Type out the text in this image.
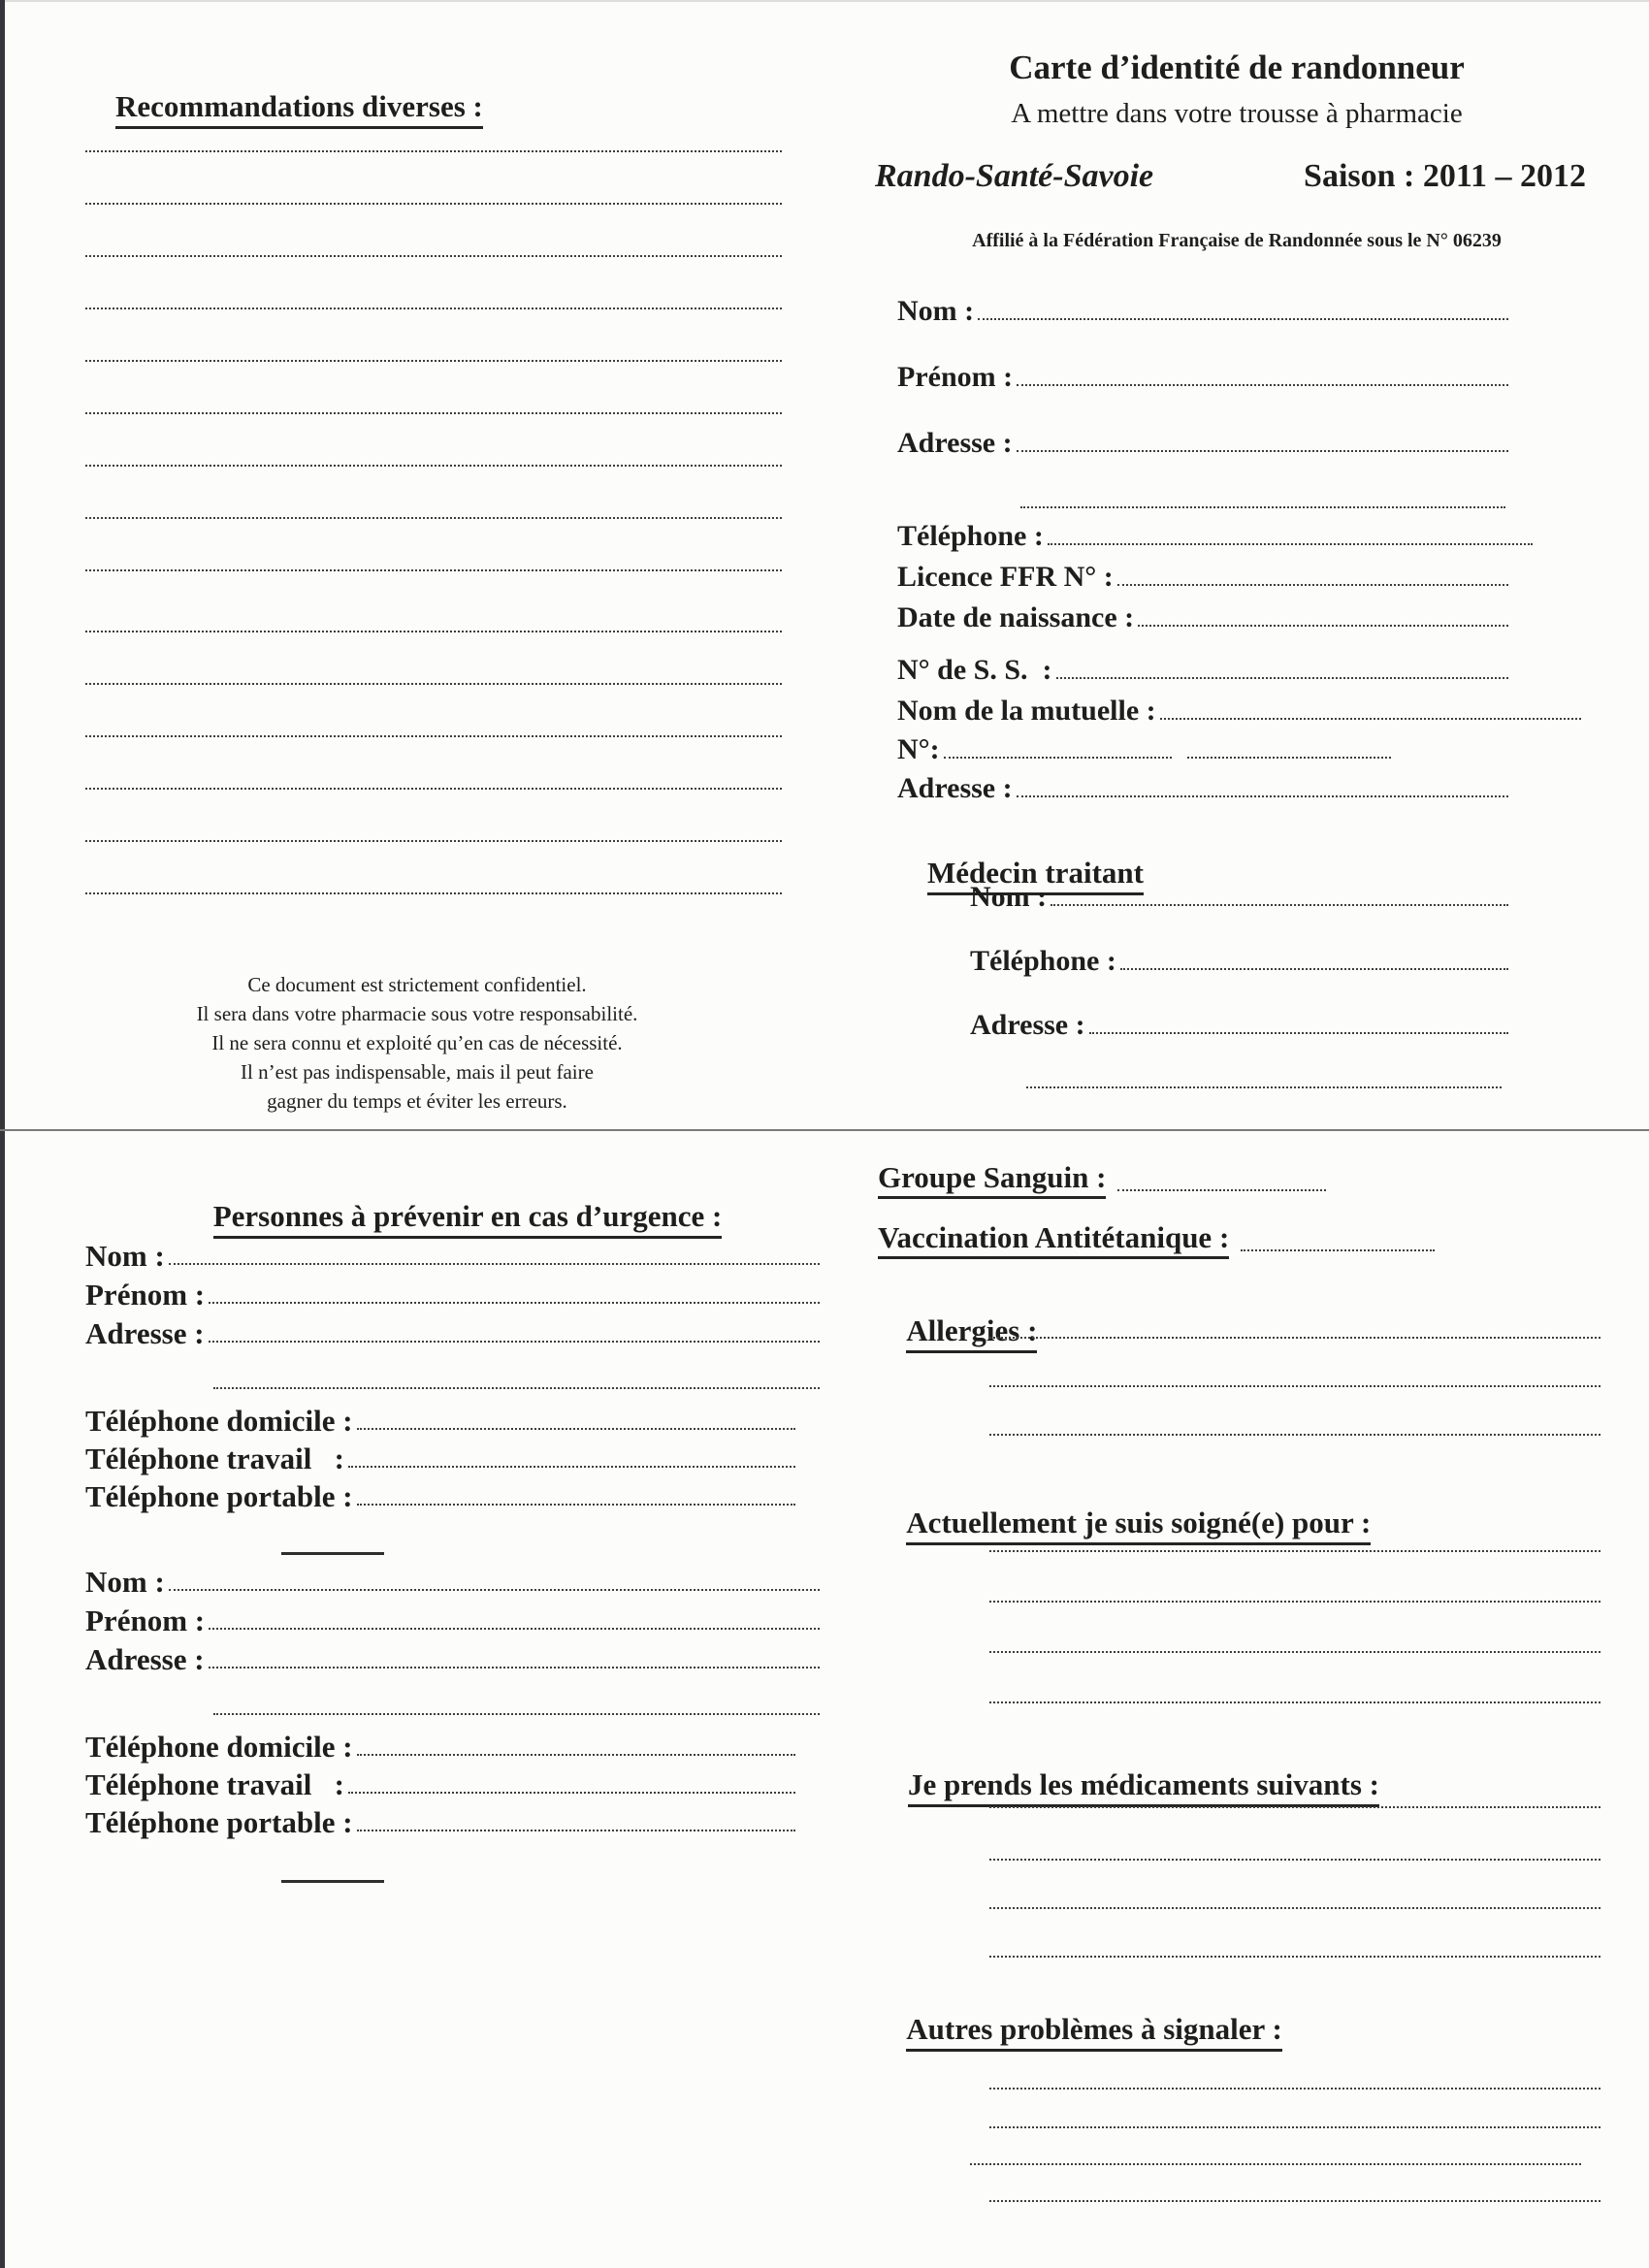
Recommandations diverses :

Ce document est strictement confidentiel.

Il sera dans votre pharmacie sous votre responsabilité.

Il ne sera connu et exploité qu’en cas de nécessité.

Il n’est pas indispensable, mais il peut faire

gagner du temps et éviter les erreurs.

Carte d’identité de randonneur
A mettre dans votre trousse à pharmacie
Rando-Santé-Savoie	Saison : 2011 – 2012
Affilié à la Fédération Française de Randonnée sous le N° 06239
Nom :
Prénom :
Adresse :
Téléphone :
Licence FFR N° :
Date de naissance :
N° de S. S.  :
Nom de la mutuelle :
N°:
Adresse :

Médecin traitant

Nom :
Téléphone :
Adresse :

Personnes à prévenir en cas d’urgence :

Nom :
Prénom :
Adresse :
Téléphone domicile :
Téléphone travail   :
Téléphone portable :
Nom :
Prénom :
Adresse :
Téléphone domicile :
Téléphone travail   :
Téléphone portable :
Groupe Sanguin :
Vaccination Antitétanique :

Allergies :

Actuellement je suis soigné(e) pour :

Je prends les médicaments suivants :

Autres problèmes à signaler :
